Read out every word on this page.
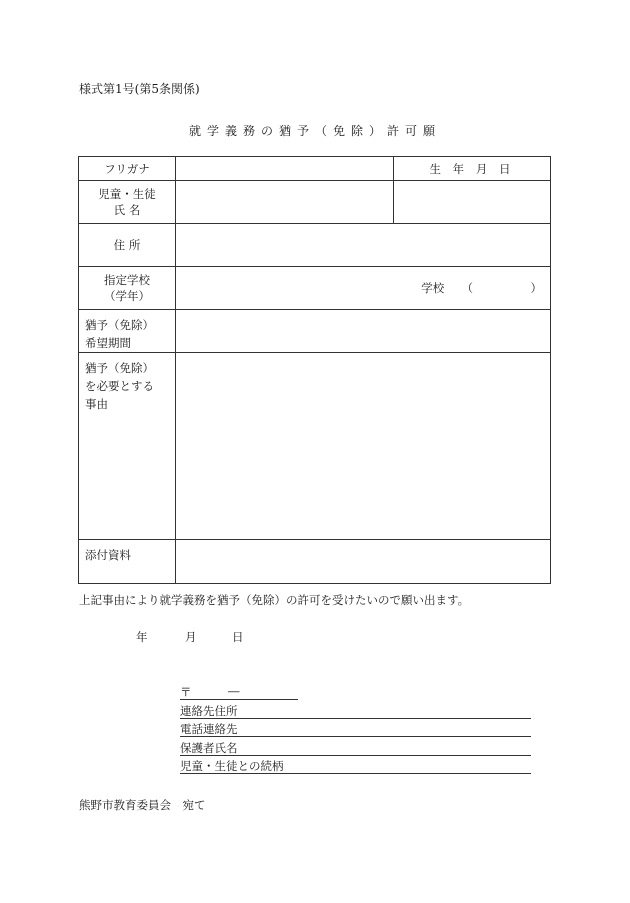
様式第1号(第5条関係)
就学義務の猶予（免除）許可願
フリガナ		生 年 月 日

児童・生徒
氏 名		

住 所		

指定学校
（学年）	学校　　（　　　　　）	

猶予（免除）
希望期間		

猶予（免除）
を必要とする
事由		

添付資料		
上記事由により就学義務を猶予（免除）の許可を受けたいので願い出ます。
年	月	日
〒	―
連絡先住所
電話連絡先
保護者氏名
児童・生徒との続柄
熊野市教育委員会　宛て
